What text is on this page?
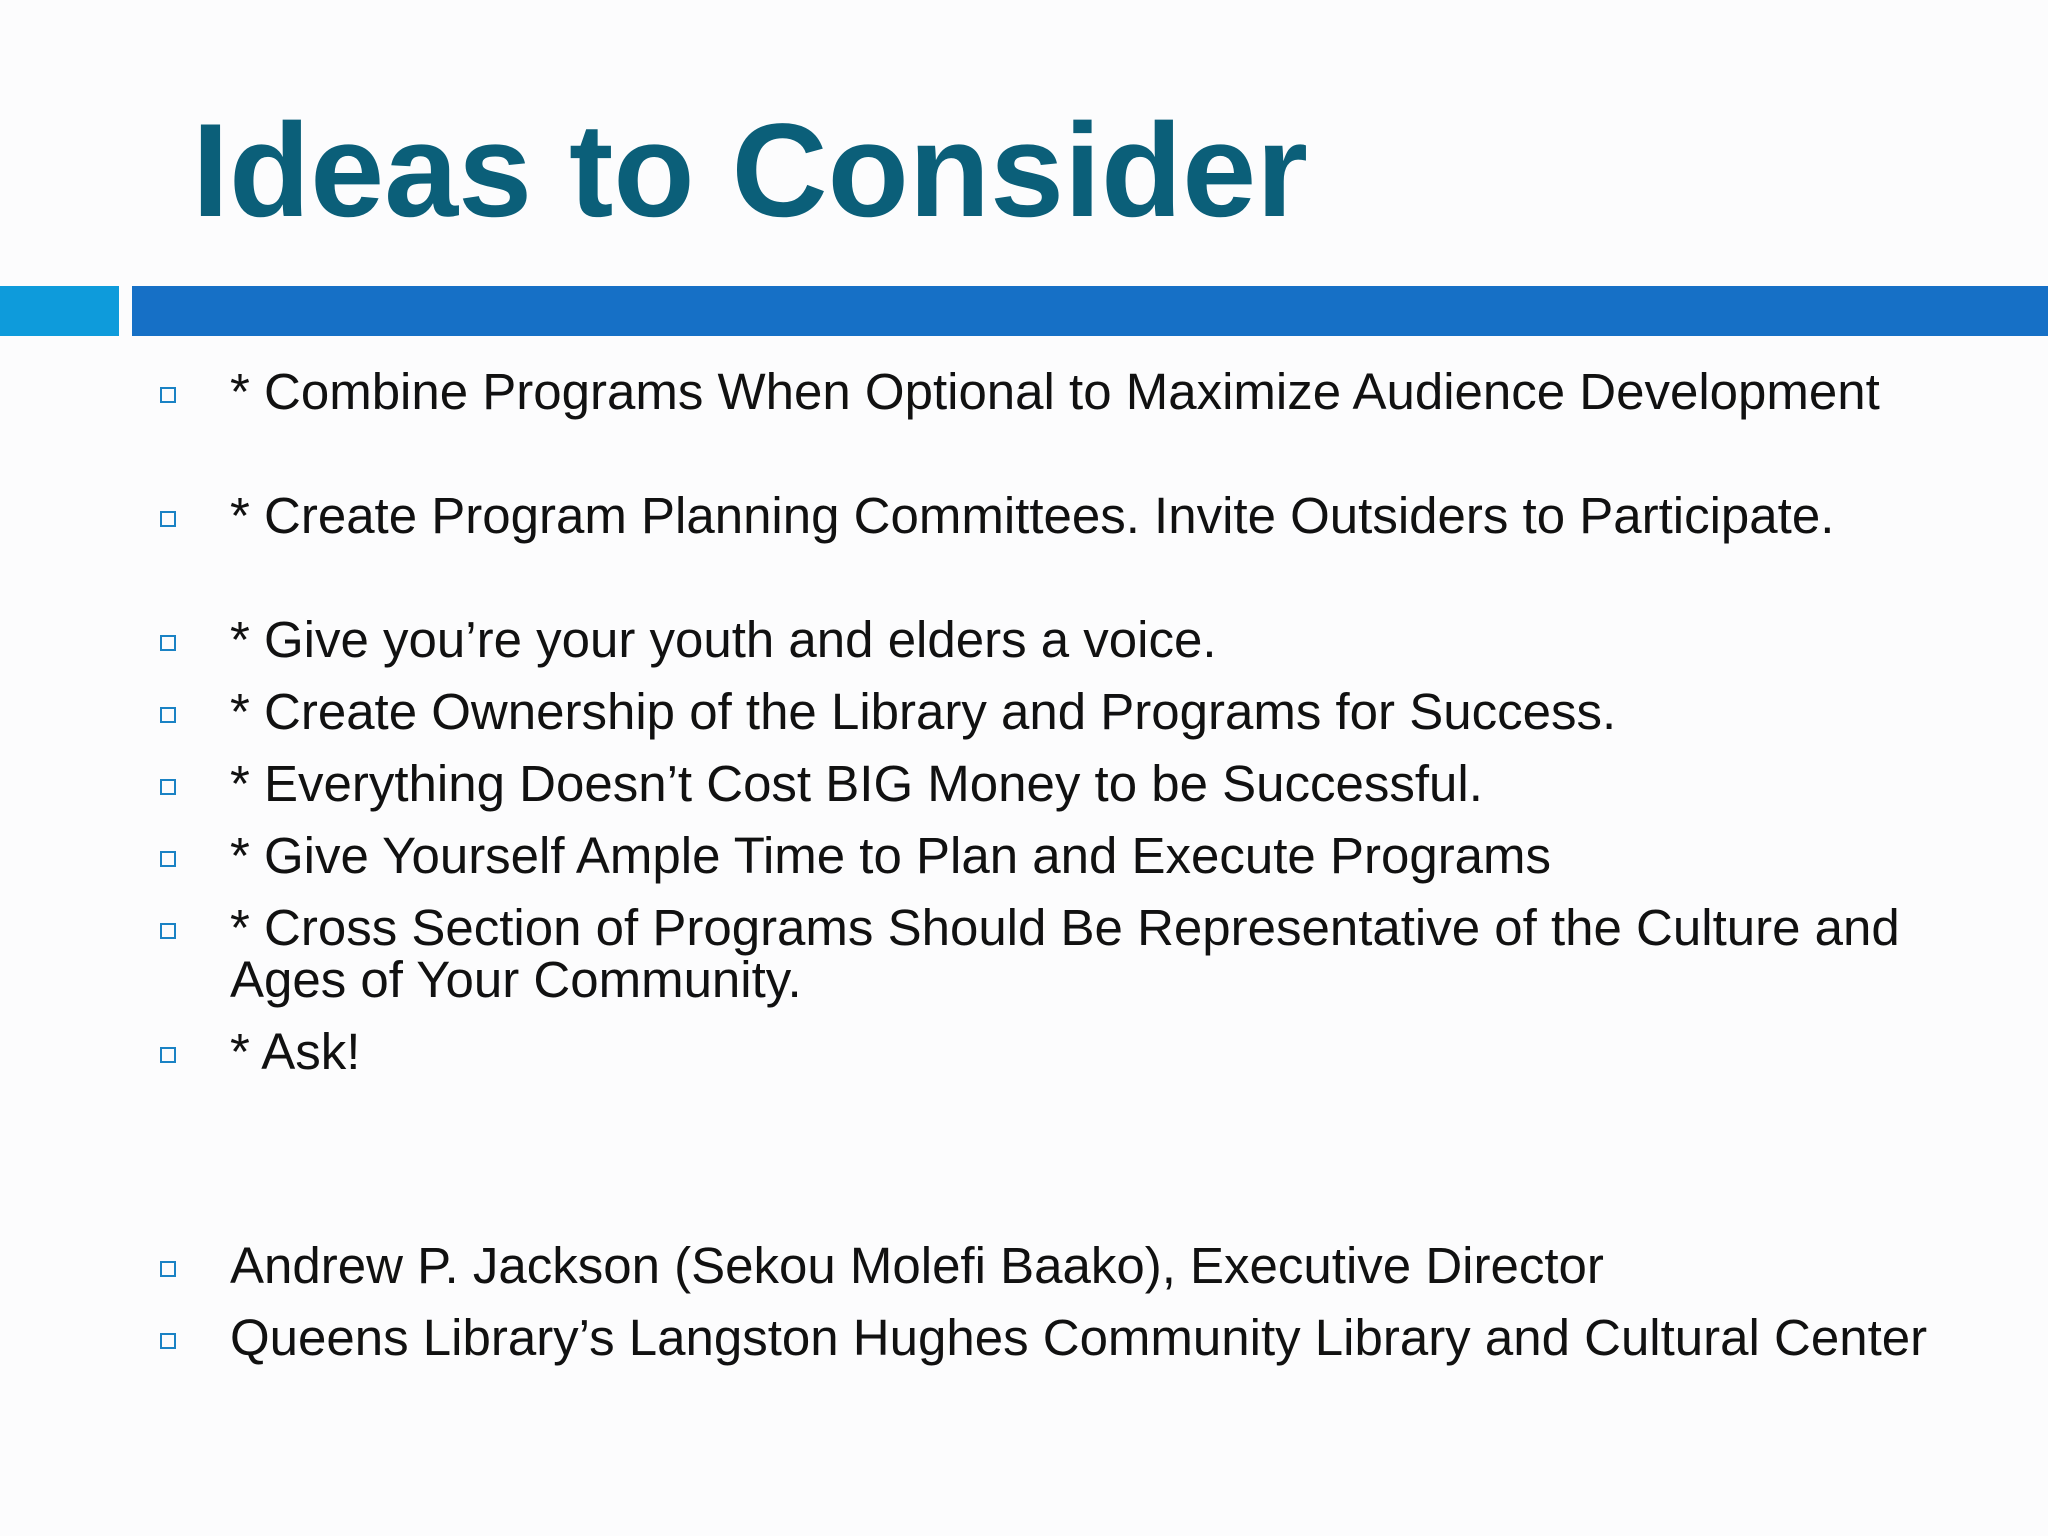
Ideas to Consider
* Combine Programs When Optional to Maximize Audience Development
* Create Program Planning Committees. Invite Outsiders to Participate.
* Give you’re your youth and elders a voice.
* Create Ownership of the Library and Programs for Success.
* Everything Doesn’t Cost BIG Money to be Successful.
* Give Yourself Ample Time to Plan and Execute Programs
* Cross Section of Programs Should Be Representative of the Culture and Ages of Your Community.
* Ask!
Andrew P. Jackson (Sekou Molefi Baako), Executive Director
Queens Library’s Langston Hughes Community Library and Cultural Center
